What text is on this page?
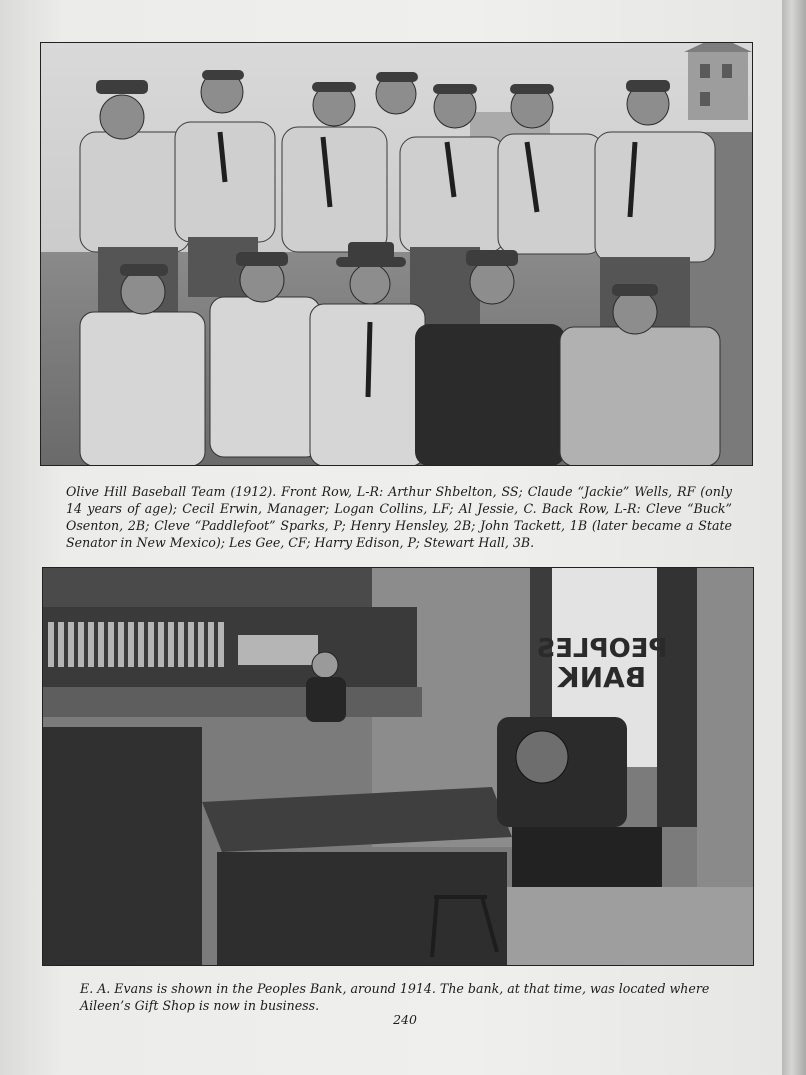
Olive Hill Baseball Team (1912). Front Row, L-R: Arthur Shbelton, SS; Claude “Jackie” Wells, RF (only 14 years of age); Cecil Erwin, Manager; Logan Collins, LF; Al Jessie, C. Back Row, L-R: Cleve “Buck” Osenton, 2B; Cleve “Paddlefoot” Sparks, P; Henry Hensley, 2B; John Tackett, 1B (later became a State Senator in New Mexico); Les Gee, CF; Harry Edison, P; Stewart Hall, 3B.

PEOPLES
BANK

E. A. Evans is shown in the Peoples Bank, around 1914. The bank, at that time, was located where Aileen’s Gift Shop is now in business.

240
